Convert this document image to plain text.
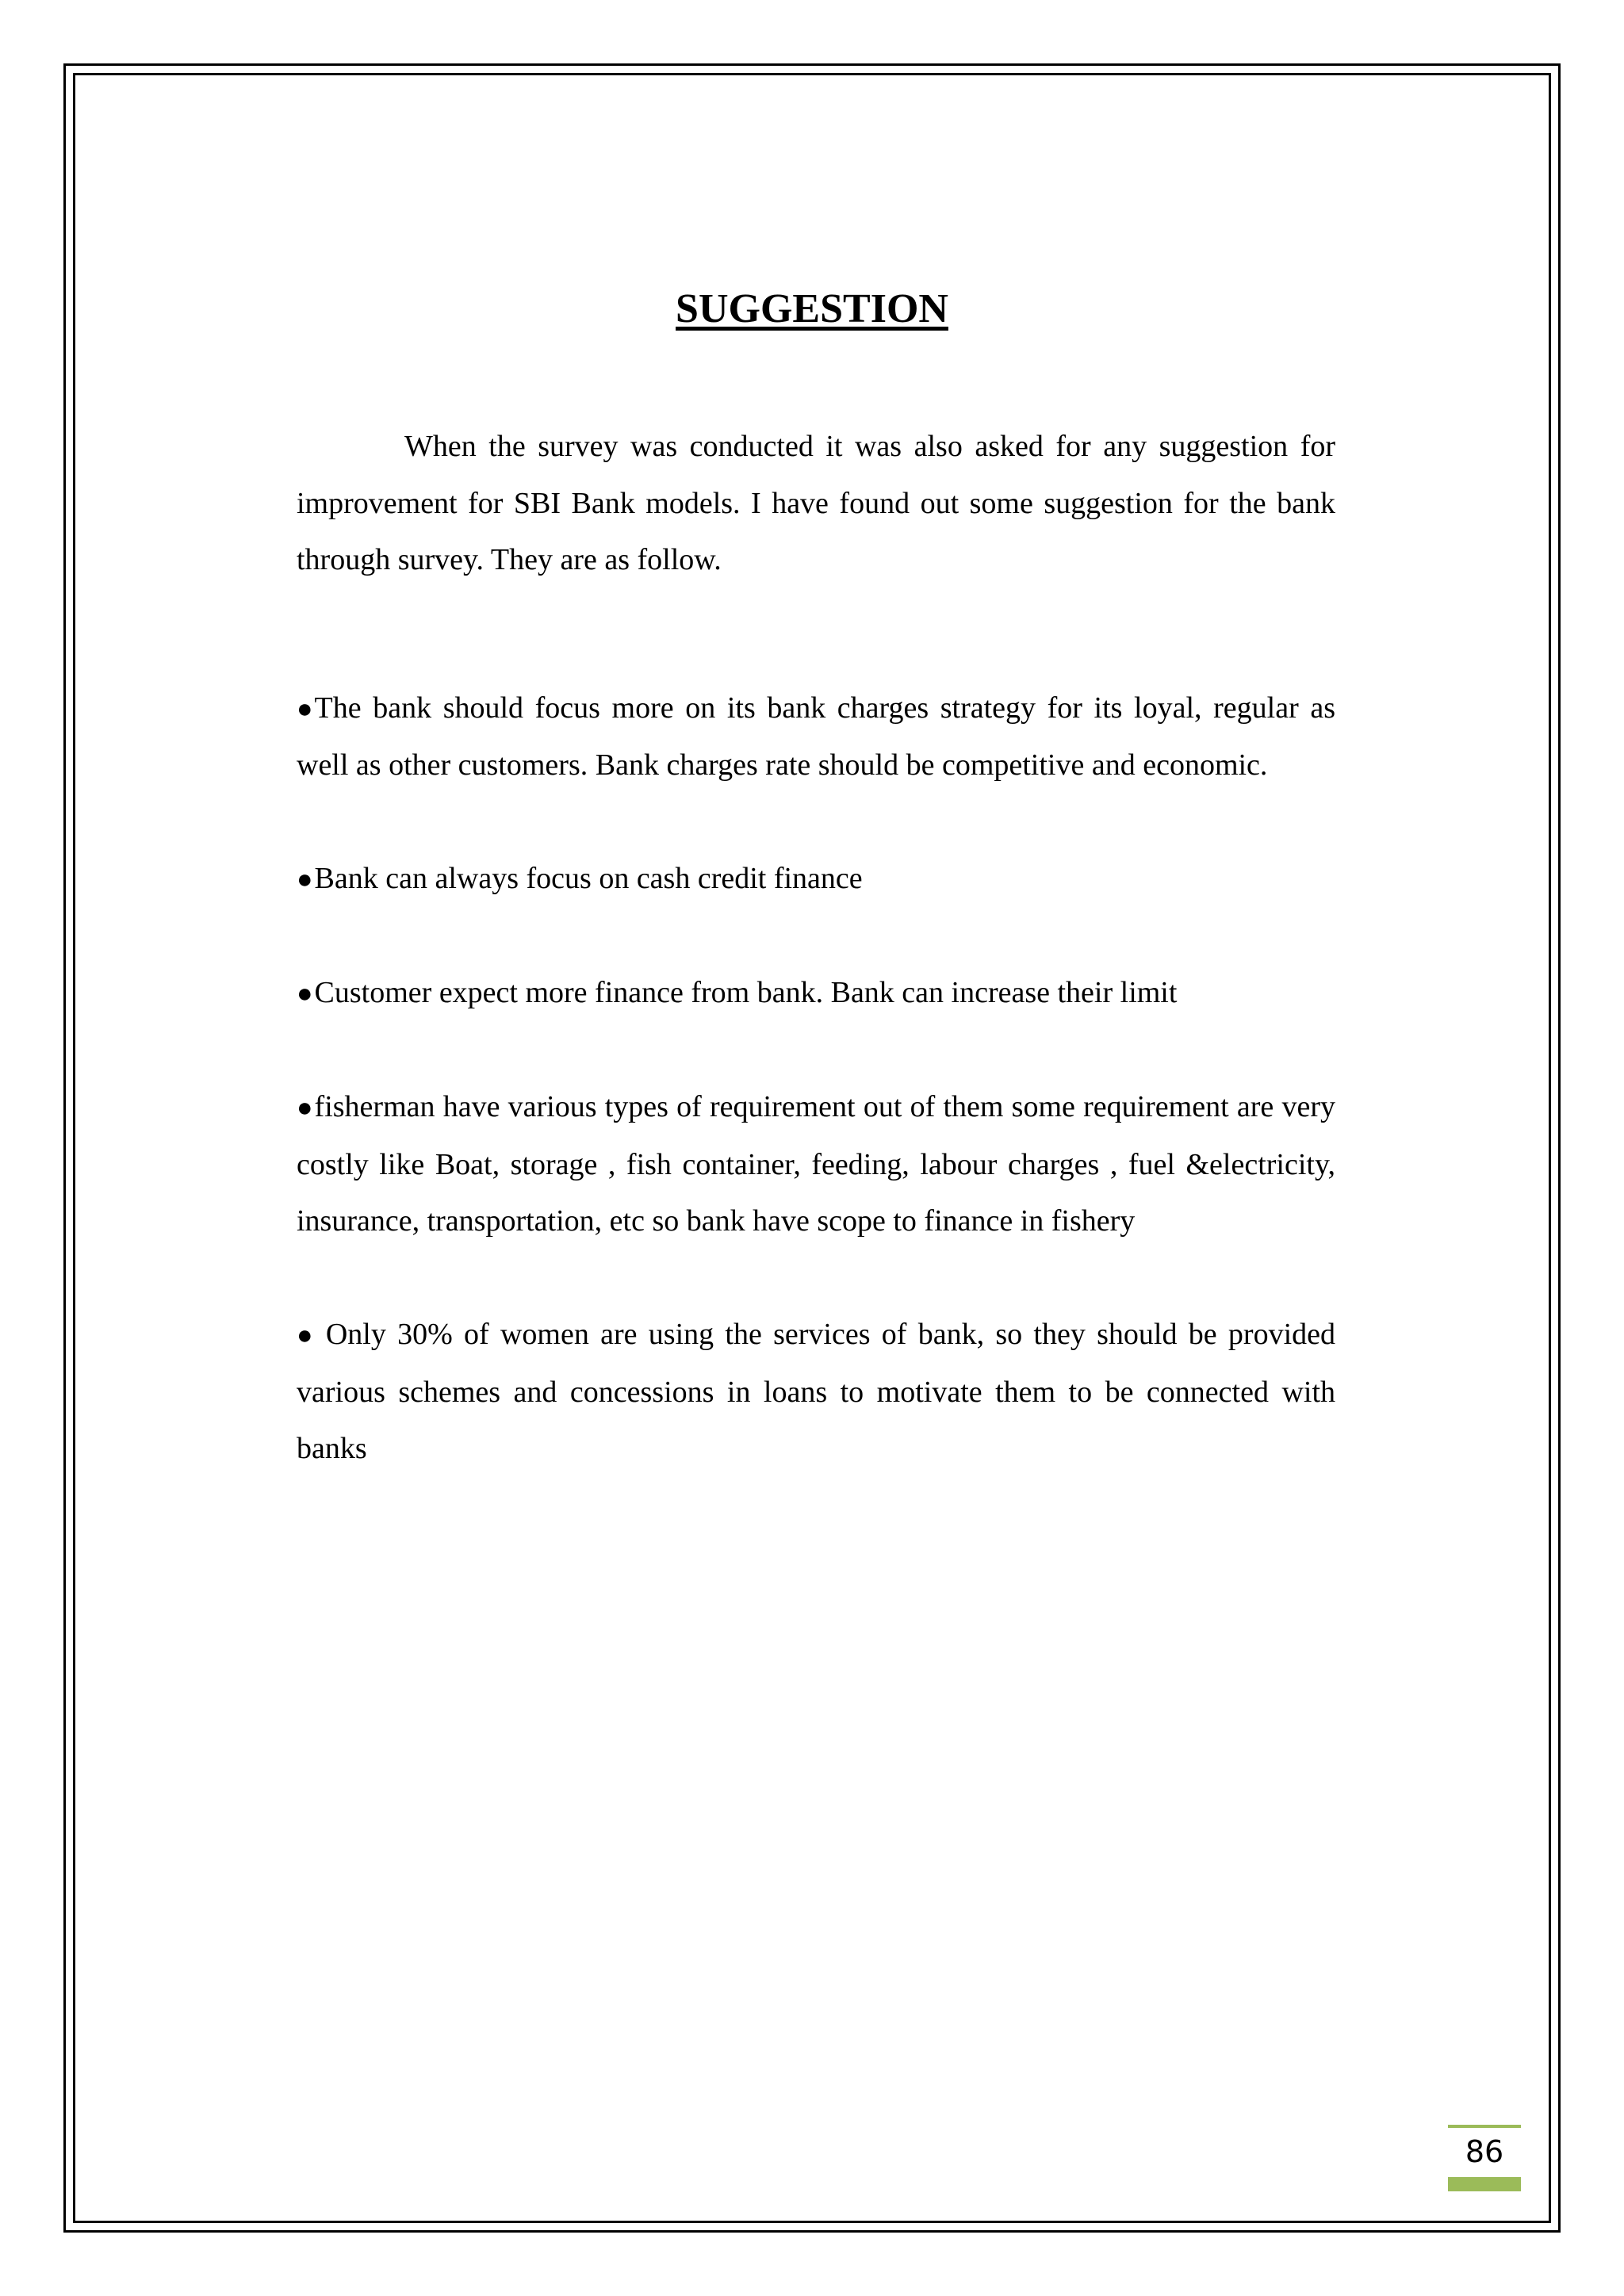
SUGGESTION

When the survey was conducted it was also asked for any suggestion for improvement for SBI Bank models. I have found out some suggestion for the bank through survey. They are as follow.

●The bank should focus more on its bank charges strategy for its loyal, regular as well as other customers. Bank charges rate should be competitive and economic.
●Bank can always focus on cash credit finance
●Customer expect more finance from bank. Bank can increase their limit
●fisherman have various types of requirement out of them some requirement are very costly like Boat, storage , fish container, feeding, labour charges , fuel &electricity, insurance, transportation, etc so bank have scope to finance in fishery
● Only 30% of women are using the services of bank, so they should be provided various schemes and concessions in loans to motivate them to be connected with banks
86
